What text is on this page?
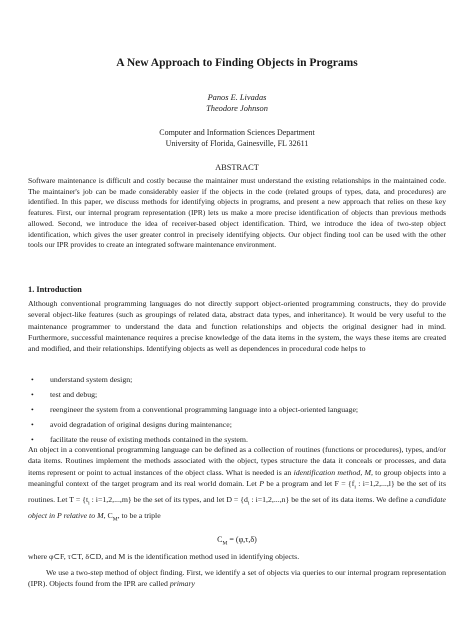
A New Approach to Finding Objects in Programs
Panos E. Livadas
Theodore Johnson
Computer and Information Sciences Department
University of Florida, Gainesville, FL 32611
ABSTRACT
Software maintenance is difficult and costly because the maintainer must understand the existing relationships in the maintained code. The maintainer's job can be made considerably easier if the objects in the code (related groups of types, data, and procedures) are identified. In this paper, we discuss methods for identifying objects in programs, and present a new approach that relies on these key features. First, our internal program representation (IPR) lets us make a more precise identification of objects than previous methods allowed. Second, we introduce the idea of receiver-based object identification. Third, we introduce the idea of two-step object identification, which gives the user greater control in precisely identifying objects. Our object finding tool can be used with the other tools our IPR provides to create an integrated software maintenance environment.
1. Introduction
Although conventional programming languages do not directly support object-oriented programming constructs, they do provide several object-like features (such as groupings of related data, abstract data types, and inheritance). It would be very useful to the maintenance programmer to understand the data and function relationships and objects the original designer had in mind. Furthermore, successful maintenance requires a precise knowledge of the data items in the system, the ways these items are created and modified, and their relationships. Identifying objects as well as dependences in procedural code helps to
• understand system design;
• test and debug;
• reengineer the system from a conventional programming language into a object-oriented language;
• avoid degradation of original designs during maintenance;
• facilitate the reuse of existing methods contained in the system.
An object in a conventional programming language can be defined as a collection of routines (functions or procedures), types, and/or data items. Routines implement the methods associated with the object, types structure the data it conceals or processes, and data items represent or point to actual instances of the object class. What is needed is an identification method, M, to group objects into a meaningful context of the target program and its real world domain. Let P be a program and let $F = \{f_i$ : i=1,2,...,l} be the set of its routines. Let $T = \{t_i$ : i=1,2,...,m} be the set of its types, and let $D = \{d_i$ : i=1,2,...,n} be the set of its data items. We define a candidate object in P relative to M, $C_M$, to be a triple
$C_M = (\varphi,\tau,\delta)$
where φ⊂F, τ⊂T, δ⊂D, and M is the identification method used in identifying objects.
We use a two-step method of object finding. First, we identify a set of objects via queries to our internal program representation (IPR). Objects found from the IPR are called primary
